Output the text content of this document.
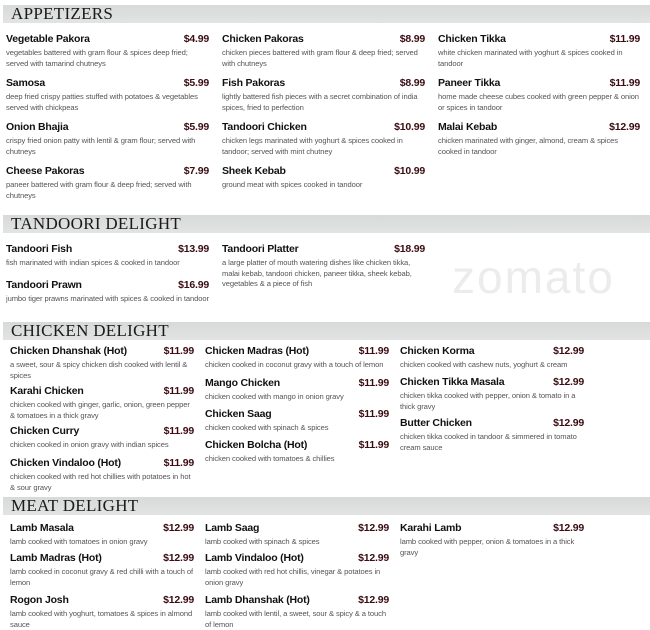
zomato
APPETIZERS
Vegetable Pakora	$4.99
vegetables battered with gram flour & spices deep fried; served with tamarind chutneys
Samosa	$5.99
deep fried crispy patties stuffed with potatoes & vegetables served with chickpeas
Onion Bhajia	$5.99
crispy fried onion patty with lentil & gram flour; served with chutneys
Cheese Pakoras	$7.99
paneer battered with gram flour & deep fried; served with chutneys
Chicken Pakoras	$8.99
chicken pieces battered with gram flour & deep fried; served with chutneys
Fish Pakoras	$8.99
lightly battered fish pieces with a secret combination of india spices, fried to perfection
Tandoori Chicken	$10.99
chicken legs marinated with yoghurt & spices cooked in tandoor; served with mint chutney
Sheek Kebab	$10.99
ground meat with spices cooked in tandoor
Chicken Tikka	$11.99
white chicken marinated with yoghurt & spices cooked in tandoor
Paneer Tikka	$11.99
home made cheese cubes cooked with green pepper & onion or spices in tandoor
Malai Kebab	$12.99
chicken marinated with ginger, almond, cream & spices cooked in tandoor
TANDOORI DELIGHT
Tandoori Fish	$13.99
fish marinated with indian spices & cooked in tandoor
Tandoori Prawn	$16.99
jumbo tiger prawns marinated with spices & cooked in tandoor
Tandoori Platter	$18.99
a large platter of mouth watering dishes like chicken tikka, malai kebab, tandoori chicken, paneer tikka, sheek kebab, vegetables & a piece of fish
CHICKEN DELIGHT
Chicken Dhanshak (Hot)	$11.99
a sweet, sour & spicy chicken dish cooked with lentil & spices
Karahi Chicken	$11.99
chicken cooked with ginger, garlic, onion, green pepper & tomatoes in a thick gravy
Chicken Curry	$11.99
chicken cooked in onion gravy with indian spices
Chicken Vindaloo (Hot)	$11.99
chicken cooked with red hot chillies with potatoes in hot & sour gravy
Chicken Madras (Hot)	$11.99
chicken cooked in coconut gravy with a touch of lemon
Mango Chicken	$11.99
chicken cooked with mango in onion gravy
Chicken Saag	$11.99
chicken cooked with spinach & spices
Chicken Bolcha (Hot)	$11.99
chicken cooked with tomatoes & chillies
Chicken Korma	$12.99
chicken cooked with cashew nuts, yoghurt & cream
Chicken Tikka Masala	$12.99
chicken tikka cooked with pepper, onion & tomato in a thick gravy
Butter Chicken	$12.99
chicken tikka cooked in tandoor & simmered in tomato cream sauce
MEAT DELIGHT
Lamb Masala	$12.99
lamb cooked with tomatoes in onion gravy
Lamb Madras (Hot)	$12.99
lamb cooked in coconut gravy & red chilli with a touch of lemon
Rogon Josh	$12.99
lamb cooked with yoghurt, tomatoes & spices in almond sauce
Lamb Saag	$12.99
lamb cooked with spinach & spices
Lamb Vindaloo (Hot)	$12.99
lamb cooked with red hot chillis, vinegar & potatoes in onion gravy
Lamb Dhanshak (Hot)	$12.99
lamb cooked with lentil, a sweet, sour & spicy & a touch of lemon
Karahi Lamb	$12.99
lamb cooked with pepper, onion & tomatoes in a thick gravy
